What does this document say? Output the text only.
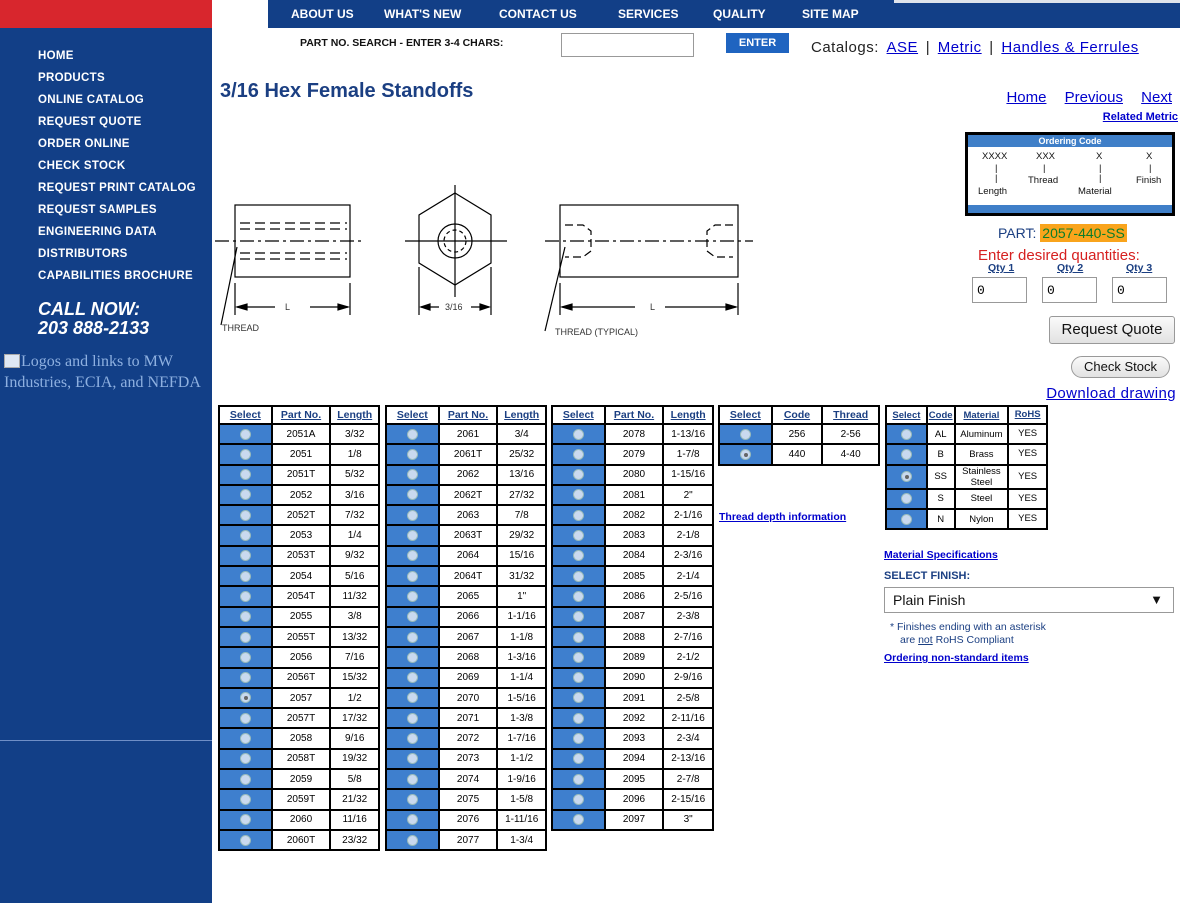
HOME
PRODUCTS
ONLINE CATALOG
REQUEST QUOTE
ORDER ONLINE
CHECK STOCK
REQUEST PRINT CATALOG
REQUEST SAMPLES
ENGINEERING DATA
DISTRIBUTORS
CAPABILITIES BROCHURE
CALL NOW:
203 888-2133
Logos and links to MW Industries, ECIA, and NEFDA
ABOUT US	WHAT'S NEW	CONTACT US	SERVICES	QUALITY	SITE MAP
PART NO. SEARCH - ENTER 3-4 CHARS:	ENTER	Catalogs: ASE | Metric | Handles & Ferrules
3/16 Hex Female Standoffs	Home Previous Next
Related Metric
THREAD
L	3/16	L
THREAD (TYPICAL)
Ordering Code
XXXX	XXX	X	X
|	|	|	|
|	|
Thread	Finish
Length	Material
PART: 2057-440-SS
Enter desired quantities:
Qty 1	Qty 2	Qty 3
0
0
0
Request Quote
Check Stock
Download drawing
Select	Part No.	Length
	2051A	3/32
	2051	1/8
	2051T	5/32
	2052	3/16
	2052T	7/32
	2053	1/4
	2053T	9/32
	2054	5/16
	2054T	11/32
	2055	3/8
	2055T	13/32
	2056	7/16
	2056T	15/32
	2057	1/2
	2057T	17/32
	2058	9/16
	2058T	19/32
	2059	5/8
	2059T	21/32
	2060	11/16
	2060T	23/32
Select	Part No.	Length
	2061	3/4
	2061T	25/32
	2062	13/16
	2062T	27/32
	2063	7/8
	2063T	29/32
	2064	15/16
	2064T	31/32
	2065	1"
	2066	1-1/16
	2067	1-1/8
	2068	1-3/16
	2069	1-1/4
	2070	1-5/16
	2071	1-3/8
	2072	1-7/16
	2073	1-1/2
	2074	1-9/16
	2075	1-5/8
	2076	1-11/16
	2077	1-3/4
Select	Part No.	Length
	2078	1-13/16
	2079	1-7/8
	2080	1-15/16
	2081	2"
	2082	2-1/16
	2083	2-1/8
	2084	2-3/16
	2085	2-1/4
	2086	2-5/16
	2087	2-3/8
	2088	2-7/16
	2089	2-1/2
	2090	2-9/16
	2091	2-5/8
	2092	2-11/16
	2093	2-3/4
	2094	2-13/16
	2095	2-7/8
	2096	2-15/16
	2097	3"
Select	Code	Thread
	256	2-56
	440	4-40
Select	Code	Material	RoHS
	AL	Aluminum	YES
	B	Brass	YES
	SS	Stainless Steel	YES
	S	Steel	YES
	N	Nylon	YES
Thread depth information
Material Specifications
SELECT FINISH:
Plain Finish	▼
* Finishes ending with an asterisk
are not RoHS Compliant
Ordering non-standard items
